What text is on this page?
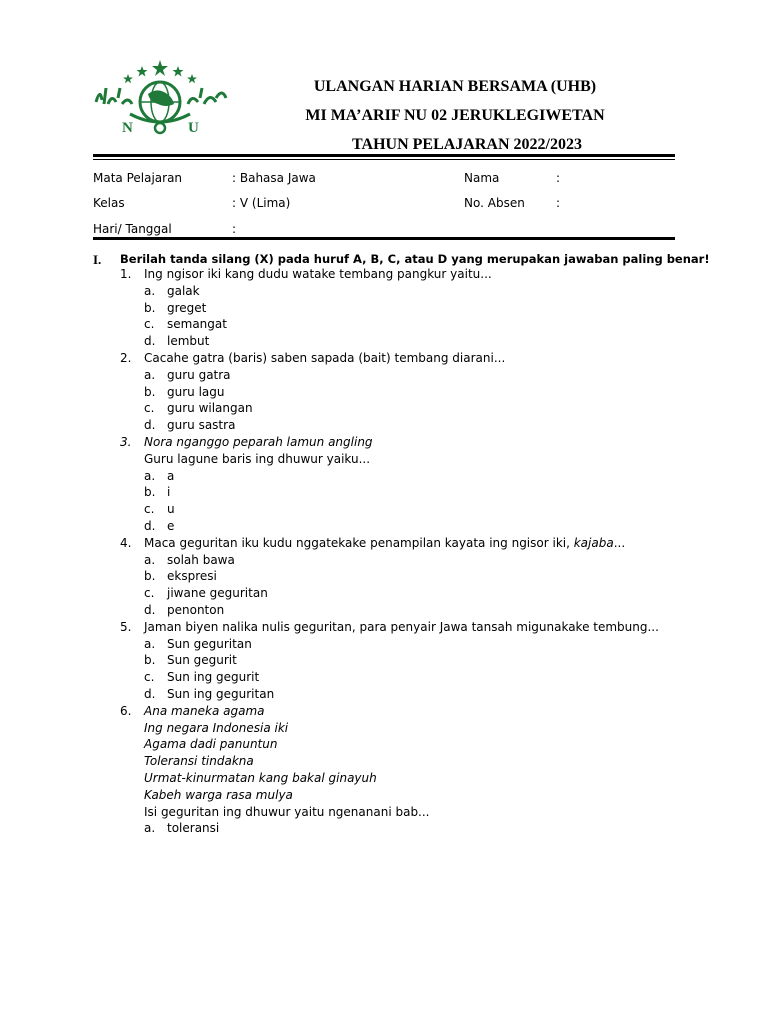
N	U
ULANGAN HARIAN BERSAMA (UHB)
MI MA’ARIF NU 02 JERUKLEGIWETAN
TAHUN PELAJARAN 2022/2023
Mata Pelajaran	: Bahasa Jawa	Nama	:
Kelas	: V (Lima)	No. Absen	:
Hari/ Tanggal	:
I. Berilah tanda silang (X) pada huruf A, B, C, atau D yang merupakan jawaban paling benar!
1. Ing ngisor iki kang dudu watake tembang pangkur yaitu...
a. galak
b. greget
c. semangat
d. lembut
2. Cacahe gatra (baris) saben sapada (bait) tembang diarani...
a. guru gatra
b. guru lagu
c. guru wilangan
d. guru sastra
3. Nora nganggo peparah lamun angling
Guru lagune baris ing dhuwur yaiku...
a. a
b. i
c. u
d. e
4. Maca geguritan iku kudu nggatekake penampilan kayata ing ngisor iki, kajaba...
a. solah bawa
b. ekspresi
c. jiwane geguritan
d. penonton
5. Jaman biyen nalika nulis geguritan, para penyair Jawa tansah migunakake tembung...
a. Sun geguritan
b. Sun gegurit
c. Sun ing gegurit
d. Sun ing geguritan
6. Ana maneka agama
Ing negara Indonesia iki
Agama dadi panuntun
Toleransi tindakna
Urmat-kinurmatan kang bakal ginayuh
Kabeh warga rasa mulya
Isi geguritan ing dhuwur yaitu ngenanani bab...
a. toleransi
